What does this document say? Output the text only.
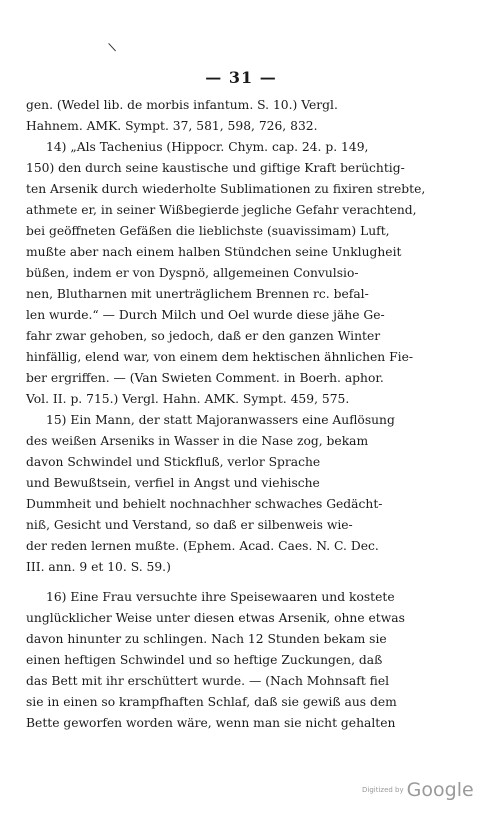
\
— 31 —
gen. (Wedel lib. de morbis infantum. S. 10.) Vergl.
Hahnem. AMK. Sympt. 37, 581, 598, 726, 832.
14) „Als Tachenius (Hippocr. Chym. cap. 24. p. 149,
150) den durch seine kaustische und giftige Kraft berüchtig-
ten Arsenik durch wiederholte Sublimationen zu fixiren strebte,
athmete er, in seiner Wißbegierde jegliche Gefahr verachtend,
bei geöffneten Gefäßen die lieblichste (suavissimam) Luft,
mußte aber nach einem halben Stündchen seine Unklugheit
büßen, indem er von Dyspnö, allgemeinen Convulsio-
nen, Blutharnen mit unerträglichem Brennen rc. befal-
len wurde.“ — Durch Milch und Oel wurde diese jähe Ge-
fahr zwar gehoben, so jedoch, daß er den ganzen Winter
hinfällig, elend war, von einem dem hektischen ähnlichen Fie-
ber ergriffen. — (Van Swieten Comment. in Boerh. aphor.
Vol. II. p. 715.) Vergl. Hahn. AMK. Sympt. 459, 575.
15) Ein Mann, der statt Majoranwassers eine Auflösung
des weißen Arseniks in Wasser in die Nase zog, bekam
davon Schwindel und Stickfluß, verlor Sprache
und Bewußtsein, verfiel in Angst und viehische
Dummheit und behielt nochnachher schwaches Gedächt-
niß, Gesicht und Verstand, so daß er silbenweis wie-
der reden lernen mußte. (Ephem. Acad. Caes. N. C. Dec.
III. ann. 9 et 10. S. 59.)
16) Eine Frau versuchte ihre Speisewaaren und kostete
unglücklicher Weise unter diesen etwas Arsenik, ohne etwas
davon hinunter zu schlingen. Nach 12 Stunden bekam sie
einen heftigen Schwindel und so heftige Zuckungen, daß
das Bett mit ihr erschüttert wurde. — (Nach Mohnsaft fiel
sie in einen so krampfhaften Schlaf, daß sie gewiß aus dem
Bette geworfen worden wäre, wenn man sie nicht gehalten
Digitized by Google
